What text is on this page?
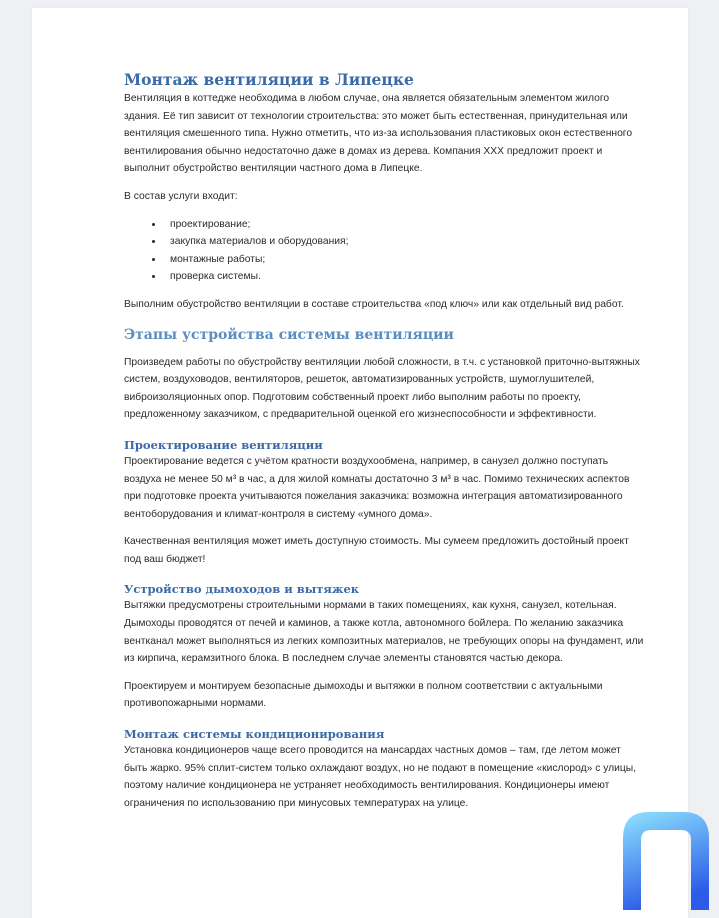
Монтаж вентиляции в Липецке

Вентиляция в коттедже необходима в любом случае, она является обязательным элементом жилого здания. Её тип зависит от технологии строительства: это может быть естественная, принудительная или вентиляция смешенного типа. Нужно отметить, что из-за использования пластиковых окон естественного вентилирования обычно недостаточно даже в домах из дерева. Компания ХХХ предложит проект и выполнит обустройство вентиляции частного дома в Липецке.

В состав услуги входит:

• проектирование;
• закупка материалов и оборудования;
• монтажные работы;
• проверка системы.

Выполним обустройство вентиляции в составе строительства «под ключ» или как отдельный вид работ.

Этапы устройства системы вентиляции

Произведем работы по обустройству вентиляции любой сложности, в т.ч. с установкой приточно-вытяжных систем, воздуховодов, вентиляторов, решеток, автоматизированных устройств, шумоглушителей, виброизоляционных опор. Подготовим собственный проект либо выполним работы по проекту, предложенному заказчиком, с предварительной оценкой его жизнеспособности и эффективности.

Проектирование вентиляции

Проектирование ведется с учётом кратности воздухообмена, например, в санузел должно поступать воздуха не менее 50 м³ в час, а для жилой комнаты достаточно 3 м³ в час. Помимо технических аспектов при подготовке проекта учитываются пожелания заказчика: возможна интеграция автоматизированного вентоборудования и климат-контроля в систему «умного дома».

Качественная вентиляция может иметь доступную стоимость. Мы сумеем предложить достойный проект под ваш бюджет!

Устройство дымоходов и вытяжек

Вытяжки предусмотрены строительными нормами в таких помещениях, как кухня, санузел, котельная. Дымоходы проводятся от печей и каминов, а также котла, автономного бойлера. По желанию заказчика вентканал может выполняться из легких композитных материалов, не требующих опоры на фундамент, или из кирпича, керамзитного блока. В последнем случае элементы становятся частью декора.

Проектируем и монтируем безопасные дымоходы и вытяжки в полном соответствии с актуальными противопожарными нормами.

Монтаж системы кондиционирования

Установка кондиционеров чаще всего проводится на мансардах частных домов – там, где летом может быть жарко. 95% сплит-систем только охлаждают воздух, но не подают в помещение «кислород» с улицы, поэтому наличие кондиционера не устраняет необходимость вентилирования. Кондиционеры имеют ограничения по использованию при минусовых температурах на улице.
